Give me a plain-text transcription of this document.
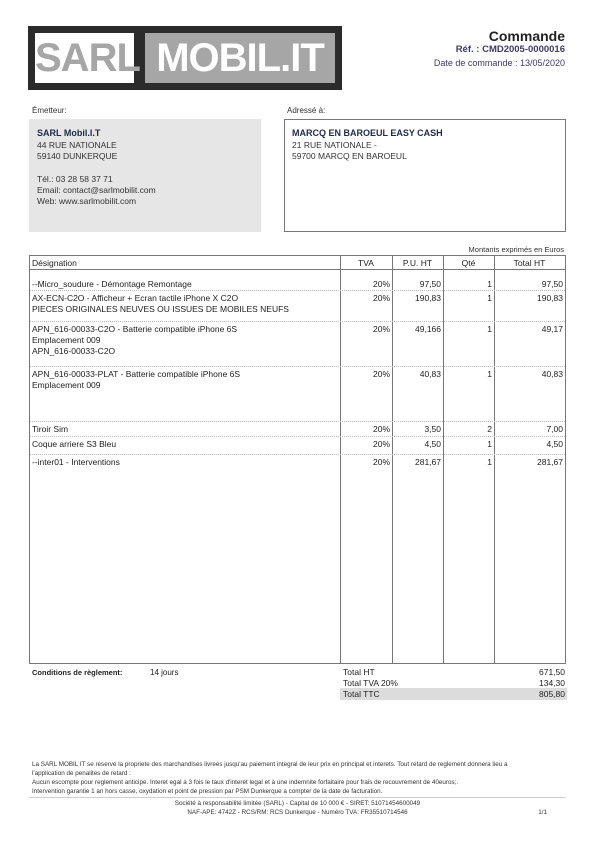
SARL MOBIL.IT	Commande
Réf. : CMD2005-0000016
Date de commande : 13/05/2020
Émetteur:	Adressé à:
SARL Mobil.I.T
44 RUE NATIONALE
59140 DUNKERQUE
Tél.: 03 28 58 37 71
Email: contact@sarlmobilit.com
Web: www.sarlmobilit.com
MARCQ EN BAROEUL EASY CASH
21 RUE NATIONALE -
59700 MARCQ EN BAROEUL
Montants exprimés en Euros
Désignation	TVA	P.U. HT	Qté	Total HT
--Micro_soudure - Démontage Remontage	20%	97,50	1	97,50
AX-ECN-C2O - Afficheur + Ecran tactile iPhone X C2O
PIECES ORIGINALES NEUVES OU ISSUES DE MOBILES NEUFS
20%	190,83	1	190,83
APN_616-00033-C2O - Batterie compatible iPhone 6S
Emplacement 009
APN_616-00033-C2O
20%	49,166	1	49,17
APN_616-00033-PLAT - Batterie compatible iPhone 6S
Emplacement 009
20%	40,83	1	40,83
Tiroir Sim	20%	3,50	2	7,00
Coque arriere S3 Bleu	20%	4,50	1	4,50
--inter01 - Interventions	20%	281,67	1	281,67
Conditions de règlement:	14 jours	Total HT	671,50
Total TVA 20%	134,30
Total TTC	805,80
La SARL MOBIL IT se reserve la propriete des marchandises livrees jusqu'au paiement integral de leur prix en principal et interets. Tout retard de reglement donnera lieu a
l'application de penalites de retard :
Aucun escompte pour reglement anticipe. Interet egal a 3 fois le taux d'interet legal et à une indemnite forfaitaire pour frais de recouvrement de 40euros;.
Intervention garantie 1 an hors casse, oxydation et point de pression par PSM Dunkerque a compter de la date de facturation.
Société à responsabilité limitée (SARL) - Capital de 10 000 € - SIRET: 51071454600049
NAF-APE: 4742Z - RCS/RM: RCS Dunkerque - Numéro TVA: FR35510714546	1/1
